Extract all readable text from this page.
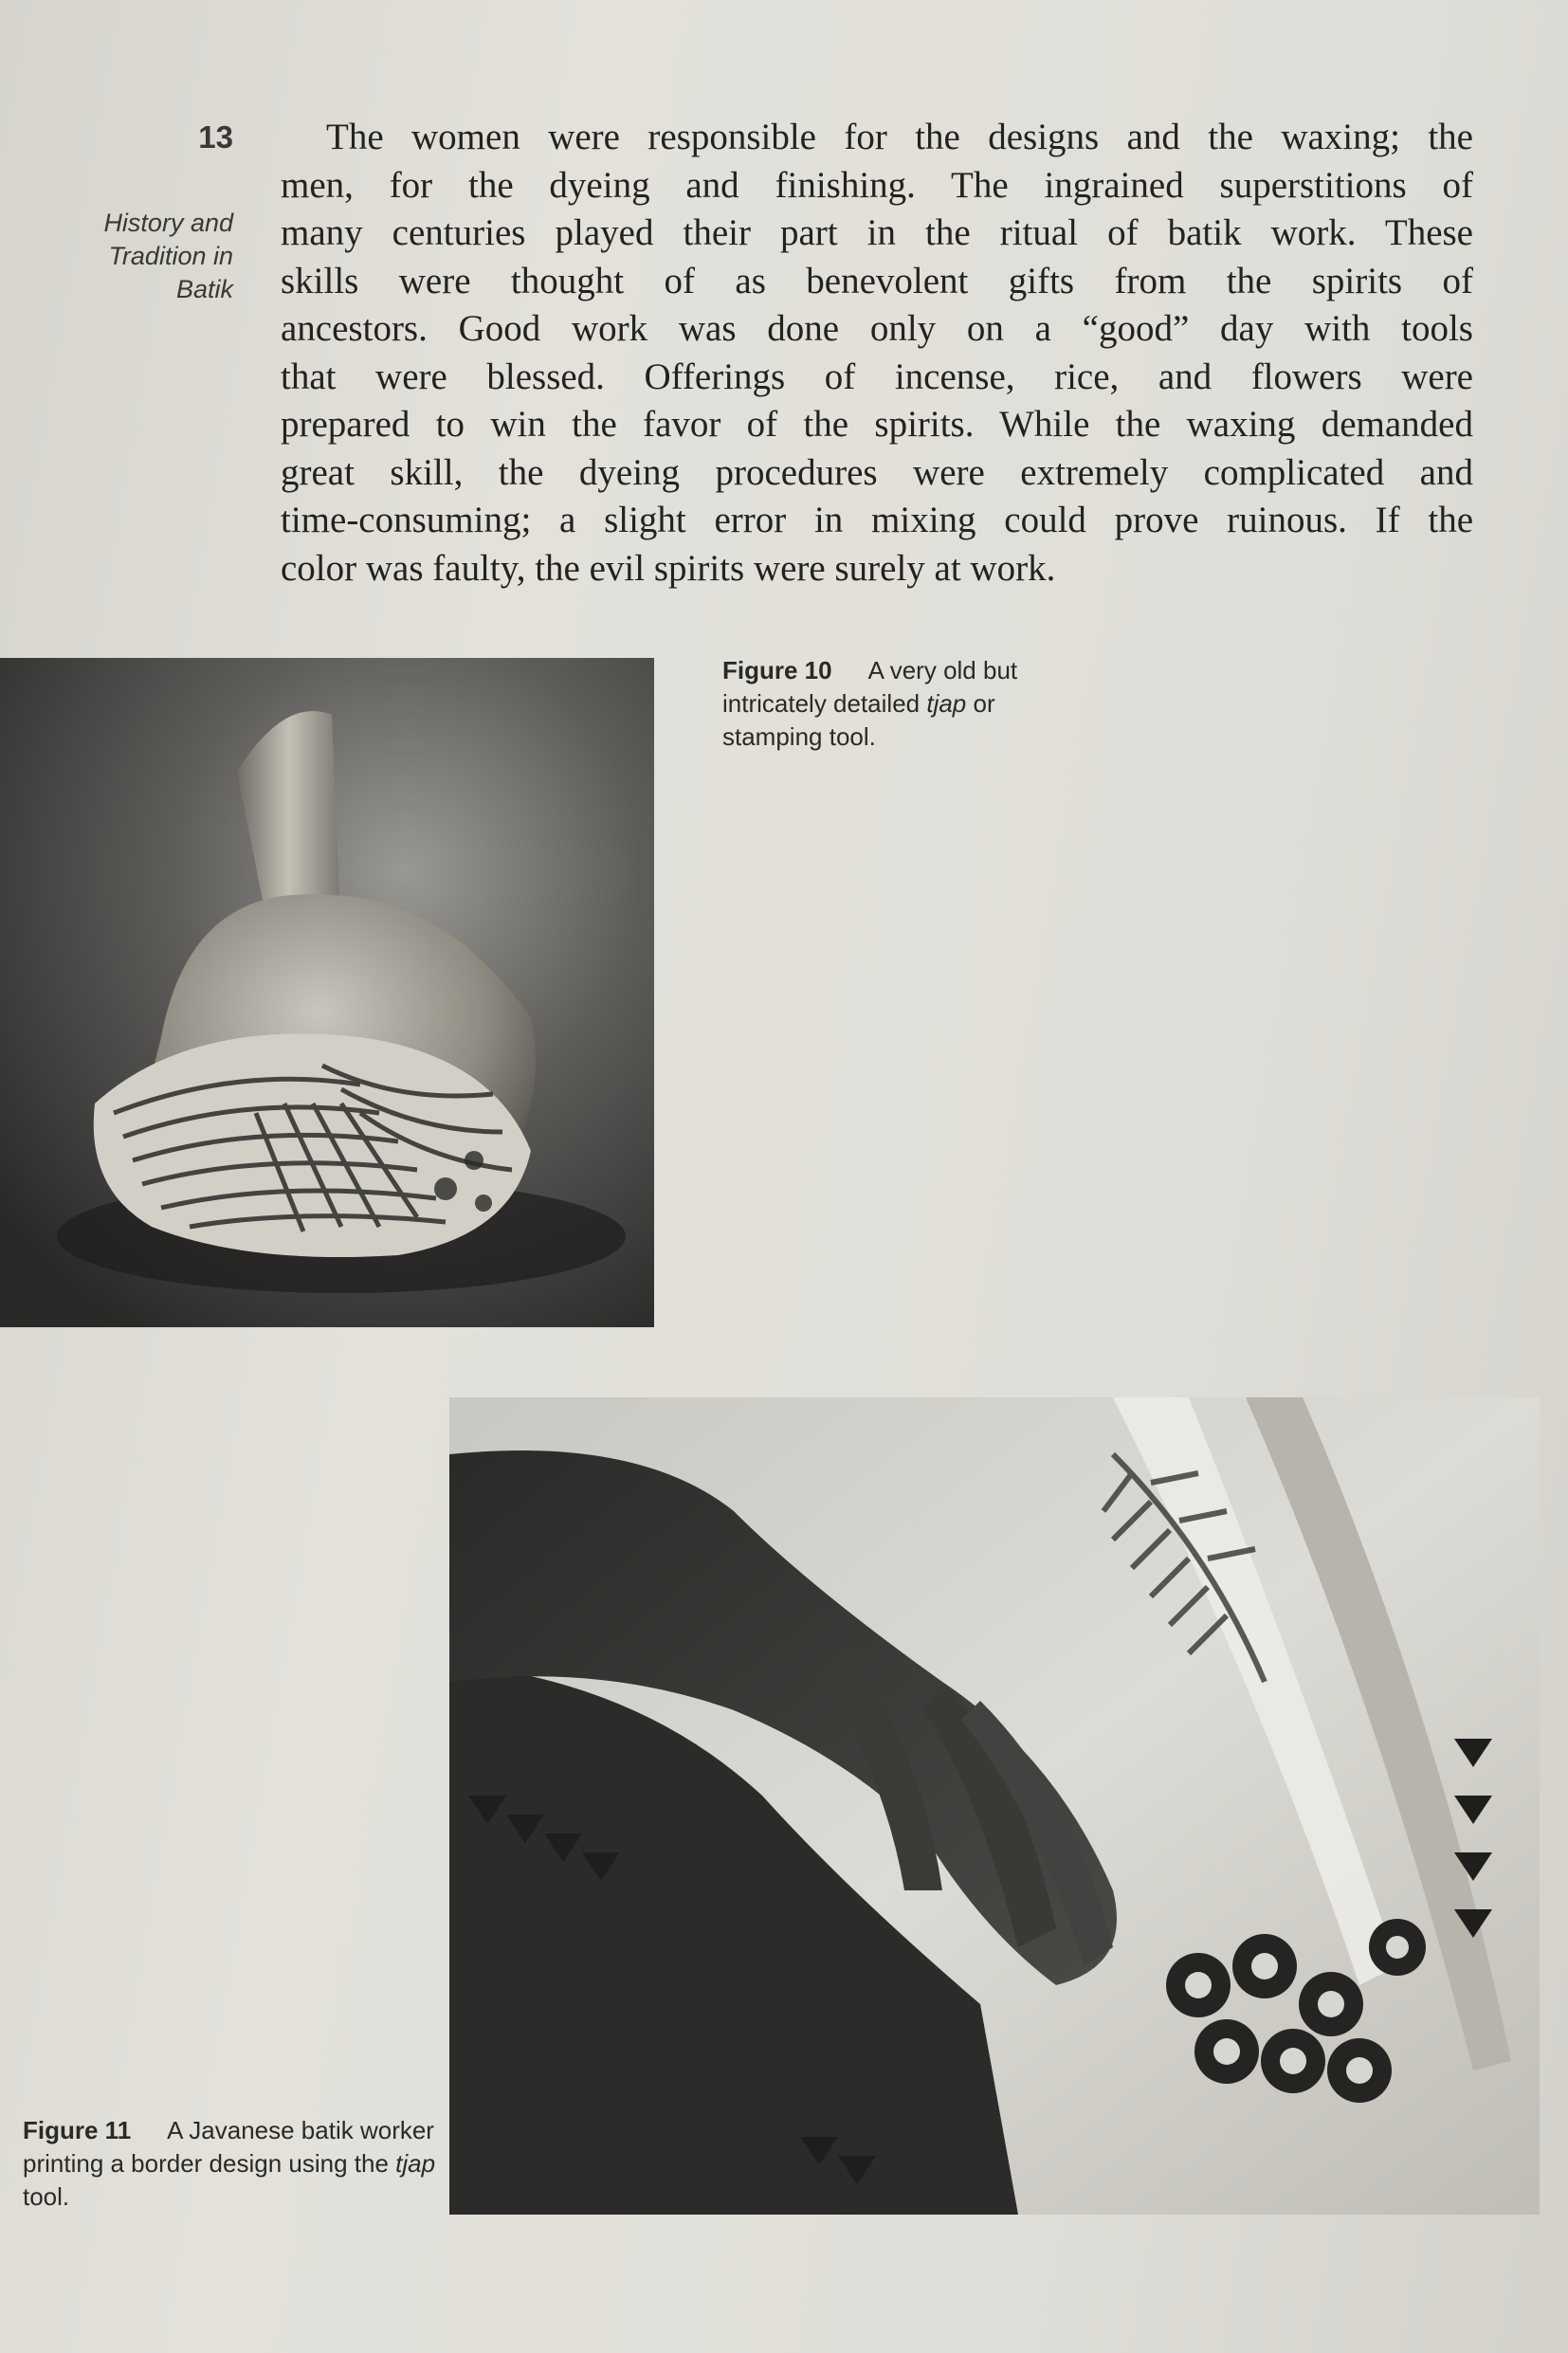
13
History and
Tradition in
Batik

The women were responsible for the designs and the waxing; the
men, for the dyeing and finishing. The ingrained superstitions of
many centuries played their part in the ritual of batik work. These
skills were thought of as benevolent gifts from the spirits of
ancestors. Good work was done only on a “good” day with tools
that were blessed. Offerings of incense, rice, and flowers were
prepared to win the favor of the spirits. While the waxing demanded
great skill, the dyeing procedures were extremely complicated and
time-consuming; a slight error in mixing could prove ruinous. If the
color was faulty, the evil spirits were surely at work.

Figure 10 A very old but intricately detailed tjap or stamping tool.
Figure 11 A Javanese batik worker printing a border design using the tjap tool.
